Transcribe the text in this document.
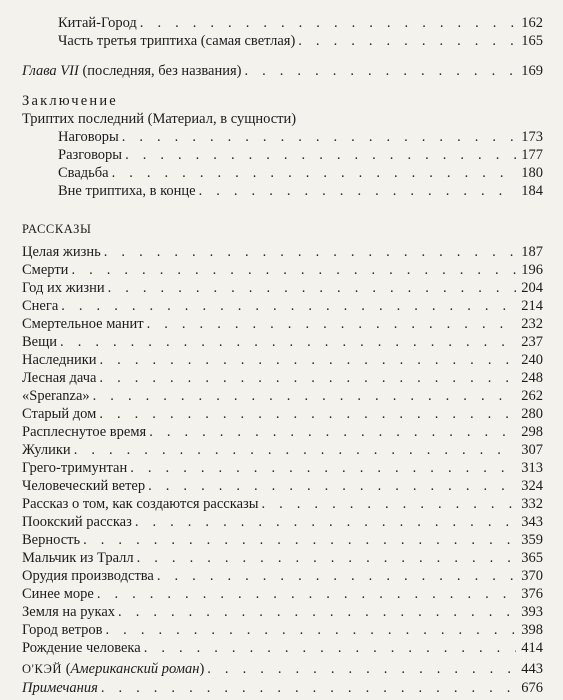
Китай-Город . . .	162
Часть третья триптиха (самая светлая) . . .	165
Глава VII (последняя, без названия) . . .	169
Заключение
Триптих последний (Материал, в сущности)
Наговоры . . .	173
Разговоры . . .	177
Свадьба . . .	180
Вне триптиха, в конце . . .	184
РАССКАЗЫ
Целая жизнь . . .	187
Смерти . . .	196
Год их жизни . . .	204
Снега . . .	214
Смертельное манит . . .	232
Вещи . . .	237
Наследники . . .	240
Лесная дача . . .	248
«Speranza» . . .	262
Старый дом . . .	280
Расплеснутое время . . .	298
Жулики . . .	307
Грего-тримунтан . . .	313
Человеческий ветер . . .	324
Рассказ о том, как создаются рассказы . . .	332
Поокский рассказ . . .	343
Верность . . .	359
Мальчик из Тралл . . .	365
Орудия производства . . .	370
Синее море . . .	376
Земля на руках . . .	393
Город ветров . . .	398
Рождение человека . . .	414
О'КЭЙ (Американский роман) . . .	443
Примечания . . .	676
